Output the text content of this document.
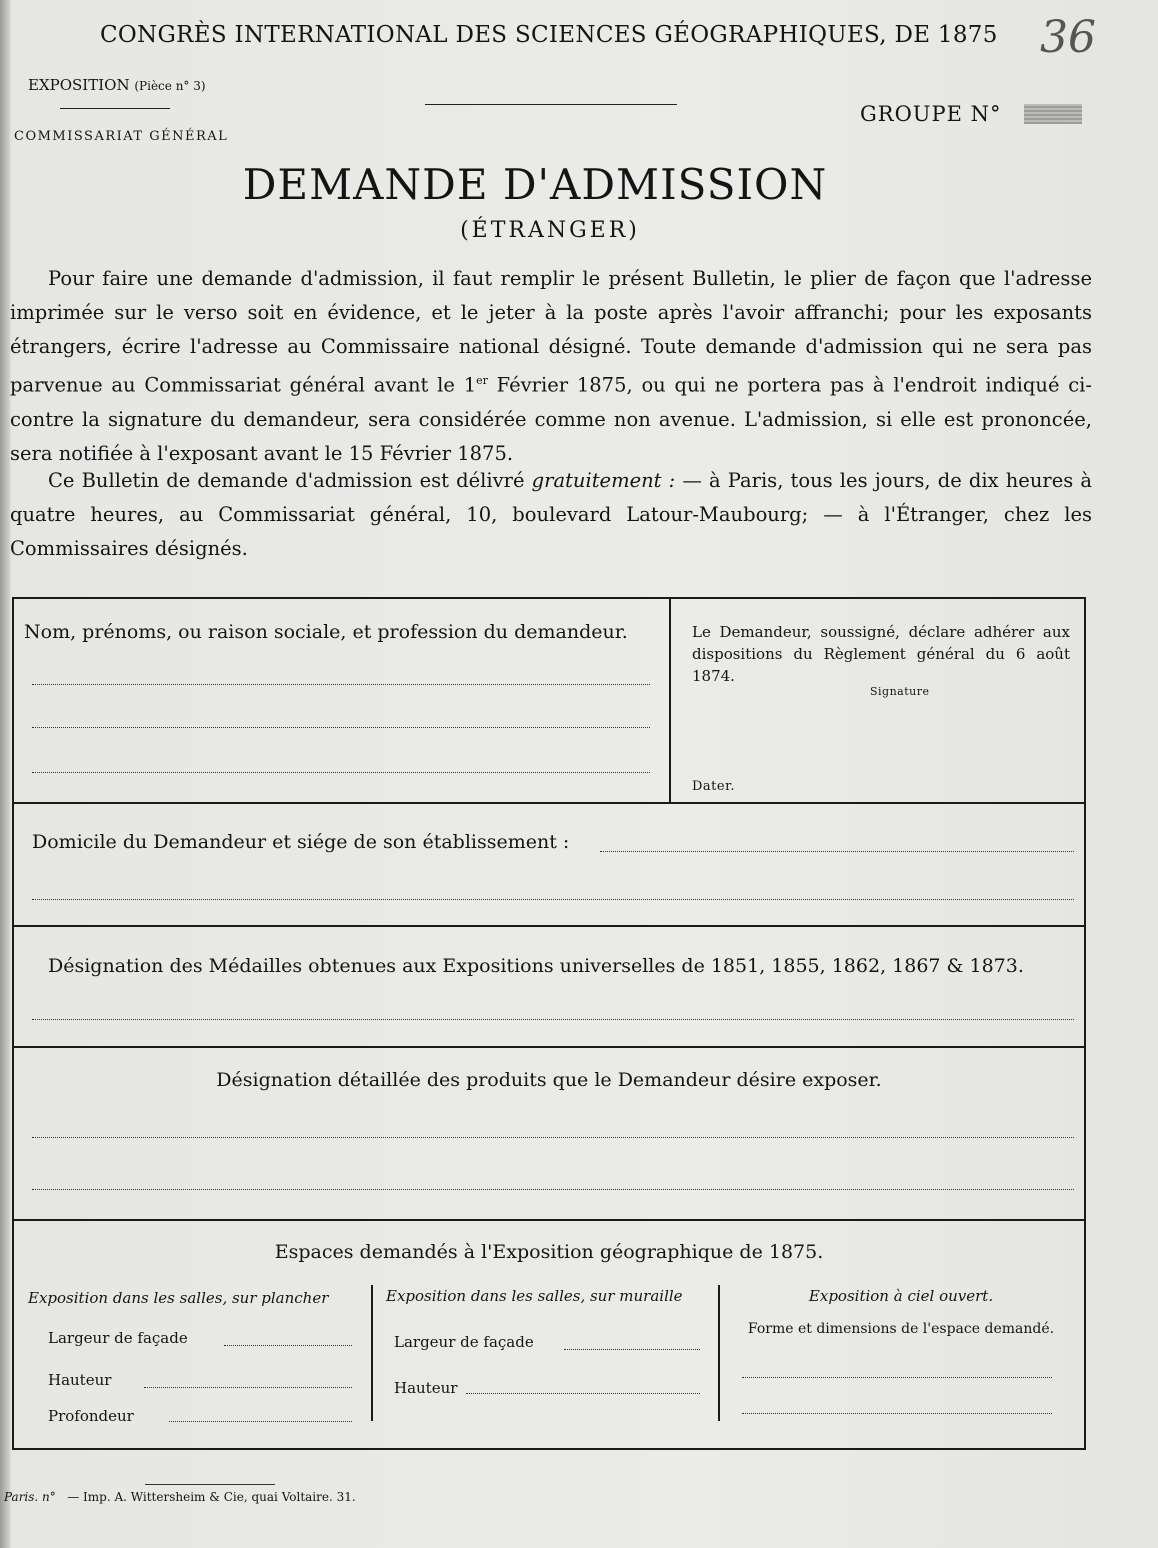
CONGRÈS INTERNATIONAL DES SCIENCES GÉOGRAPHIQUES, DE 1875 36
EXPOSITION (Pièce n° 3)
COMMISSARIAT GÉNÉRAL
GROUPE N°
DEMANDE D'ADMISSION
(ÉTRANGER)
Pour faire une demande d'admission, il faut remplir le présent Bulletin, le plier de façon que l'adresse imprimée sur le verso soit en évidence, et le jeter à la poste après l'avoir affranchi; pour les exposants étrangers, écrire l'adresse au Commissaire national désigné. Toute demande d'admission qui ne sera pas parvenue au Commissariat général avant le 1er Février 1875, ou qui ne portera pas à l'endroit indiqué ci-contre la signature du demandeur, sera considérée comme non avenue. L'admission, si elle est prononcée, sera notifiée à l'exposant avant le 15 Février 1875.
Ce Bulletin de demande d'admission est délivré gratuitement : — à Paris, tous les jours, de dix heures à quatre heures, au Commissariat général, 10, boulevard Latour-Maubourg; — à l'Étranger, chez les Commissaires désignés.
Nom, prénoms, ou raison sociale, et profession du demandeur.	Le Demandeur, soussigné, déclare adhérer aux dispositions du Règlement général du 6 août 1874.
Signature
Dater.
Domicile du Demandeur et siége de son établissement :
Désignation des Médailles obtenues aux Expositions universelles de 1851, 1855, 1862, 1867 & 1873.
Désignation détaillée des produits que le Demandeur désire exposer.
Espaces demandés à l'Exposition géographique de 1875.
Exposition dans les salles, sur plancher
Largeur de façade
Hauteur
Profondeur
Exposition dans les salles, sur muraille
Largeur de façade
Hauteur
Exposition à ciel ouvert.
Forme et dimensions de l'espace demandé.
Paris. n° — Imp. A. Wittersheim & Cie, quai Voltaire. 31.
